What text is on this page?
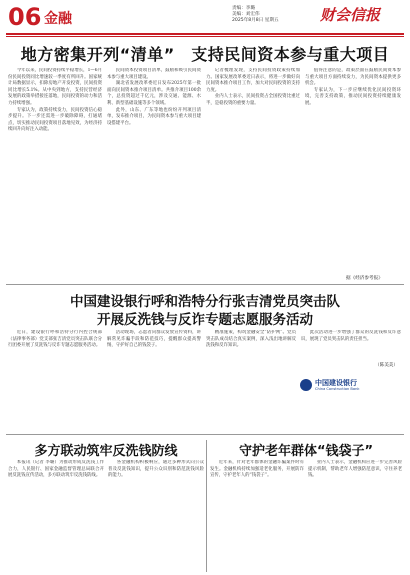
06 金融
责编：李璐
美编：刘宏伟
2025年8月8日 星期五	财会信报
地方密集开列“清单”　支持民间资本参与重大项目

今年以来，民间投资持续平稳增长，1—6月份民间投资同比增速较一季度有所回升。国家统计局数据显示，扣除房地产开发投资，民间投资同比增长5.1%。从中央到地方，支持民营经济发展的政策举措接连落地，民间投资的动力和活力持续增强。

专家认为，政策持续发力，民间投资信心稳步提升。下一步还需进一步破除障碍，打通堵点，切实推动民间投资项目落地见效，为经济持续回升向好注入动能。

民间资本投资项目清单，鼓励和吸引民间资本参与重大项目建设。

湖北省发展改革委近日发布2025年第一批面向民间资本推介项目清单。共推介项目100余个，总投资超过千亿元，涉及交通、能源、水利、新型基础设施等多个领域。

此外，山东、广东等地也纷纷开列项目清单，发布推介项目，为民间资本参与重大项目建设搭建平台。

记者梳理发现，支持民间投资政策持续加力。国家发展改革委近日表示，将进一步做好向民间资本推介项目工作，加大对民间投资的支持力度。

业内人士表示，民间投资占全国投资比重过半，是稳投资的重要力量。

值得注意的是，政策层面在鼓励民间资本参与重大项目方面持续发力，为民间资本提供更多机会。

专家认为，下一步应继续优化民间投资环境，完善支持政策，推动民间投资持续健康发展。

据《经济参考报》
中国建设银行呼和浩特分行张吉清党员突击队
开展反洗钱与反诈专题志愿服务活动

近日，建设银行呼和浩特分行内控合规部（法律事务部）党支部张吉清党员突击队联合分行团委开展了反洗钱与反诈专题志愿服务活动。

活动现场，志愿者向群众发放宣传资料，讲解常见诈骗手段和防范技巧，提醒群众提高警惕，守护好自己的钱袋子。

精准施策，构筑金融安全“防护网”。党员突击队成员结合真实案例，深入浅出地讲解反洗钱和反诈知识。

此次活动进一步增强了群众的反洗钱和反诈意识，展现了党员突击队的责任担当。

（陈美美）
中国建设银行
China Construction Bank
多方联动筑牢反洗钱防线

本报讯（记者 李璐）为推动形成反洗钱工作合力，人民银行、国家金融监督管理总局联合开展反洗钱宣传活动，多方联动筑牢反洗钱防线。

各金融机构积极响应，通过多种形式向公众普及反洗钱知识，提升公众识别和防范洗钱风险的能力。

守护老年群体“钱袋子”

近年来，针对老年群体的金融诈骗案件时有发生。金融机构持续加强适老化服务，开展防诈宣传，守护老年人的“钱袋子”。

业内人士表示，金融机构应进一步完善风险提示机制，帮助老年人增强防范意识，守住养老钱。
